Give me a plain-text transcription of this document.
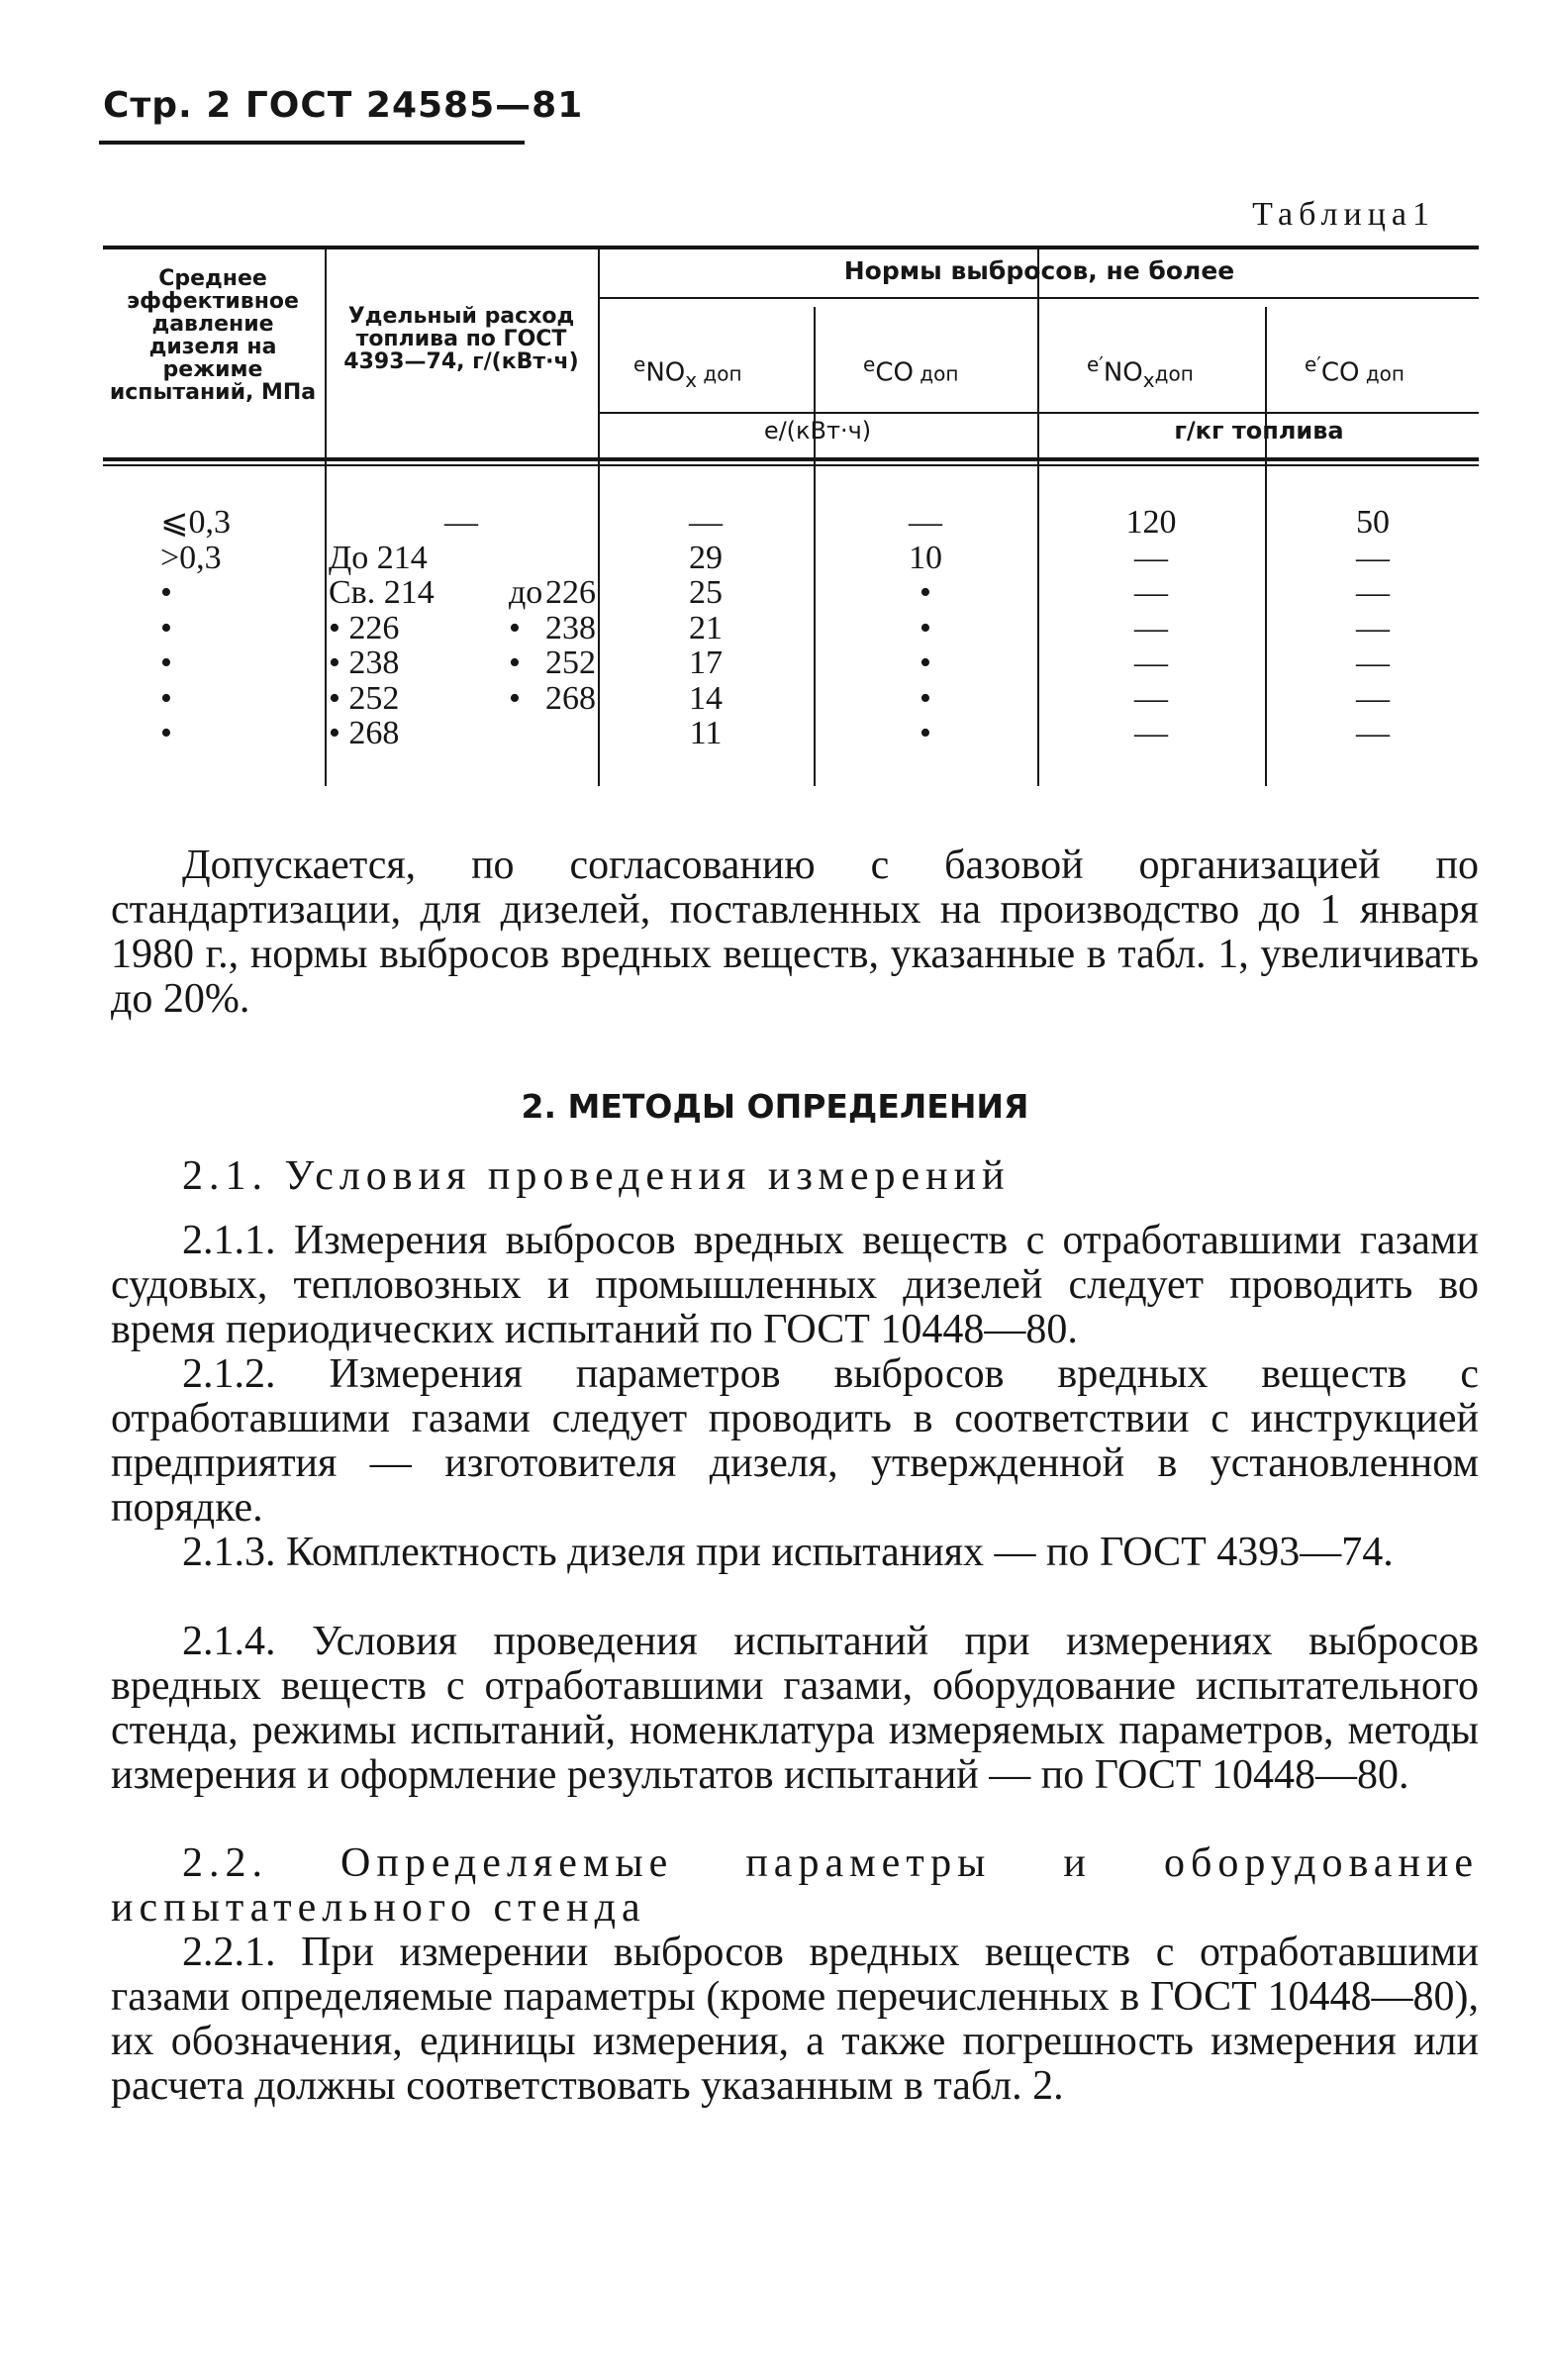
Стр. 2 ГОСТ 24585—81
Таблица1
Среднее эффективное давление дизеля на режиме испытаний, МПа
Удельный расход топлива по ГОСТ 4393—74, г/(кВт·ч)
Нормы выбросов, не более
$^eNO_x$ доп	$^e$CO доп	$^{e'}NO_xдоп$	$^{e'}$CO доп
e/(кВт·ч)	г/кг топлива
⩽0,3	—	—	—	120	50
>0,3	До 214	29	10	—	—
•	Св. 214	до 226	25	•	—	—
•	• 226	• 238	21	•	—	—
•	• 238	• 252	17	•	—	—
•	• 252	• 268	14	•	—	—
•	• 268	11	•	—	—

Допускается, по согласованию с базовой организацией по стандартизации, для дизелей, поставленных на производство до 1 января 1980 г., нормы выбросов вредных веществ, указанные в табл. 1, увеличивать до 20%.

2. МЕТОДЫ ОПРЕДЕЛЕНИЯ

2.1. Условия проведения измерений

2.1.1. Измерения выбросов вредных веществ с отработавшими газами судовых, тепловозных и промышленных дизелей следует проводить во время периодических испытаний по ГОСТ 10448—80.

2.1.2. Измерения параметров выбросов вредных веществ с отработавшими газами следует проводить в соответствии с инструкцией предприятия — изготовителя дизеля, утвержденной в установленном порядке.

2.1.3. Комплектность дизеля при испытаниях — по ГОСТ 4393—74.

2.1.4. Условия проведения испытаний при измерениях выбросов вредных веществ с отработавшими газами, оборудование испытательного стенда, режимы испытаний, номенклатура измеряемых параметров, методы измерения и оформление результатов испытаний — по ГОСТ 10448—80.

2.2. Определяемые параметры и оборудование испытательного стенда

2.2.1. При измерении выбросов вредных веществ с отработавшими газами определяемые параметры (кроме перечисленных в ГОСТ 10448—80), их обозначения, единицы измерения, а также погрешность измерения или расчета должны соответствовать указанным в табл. 2.
